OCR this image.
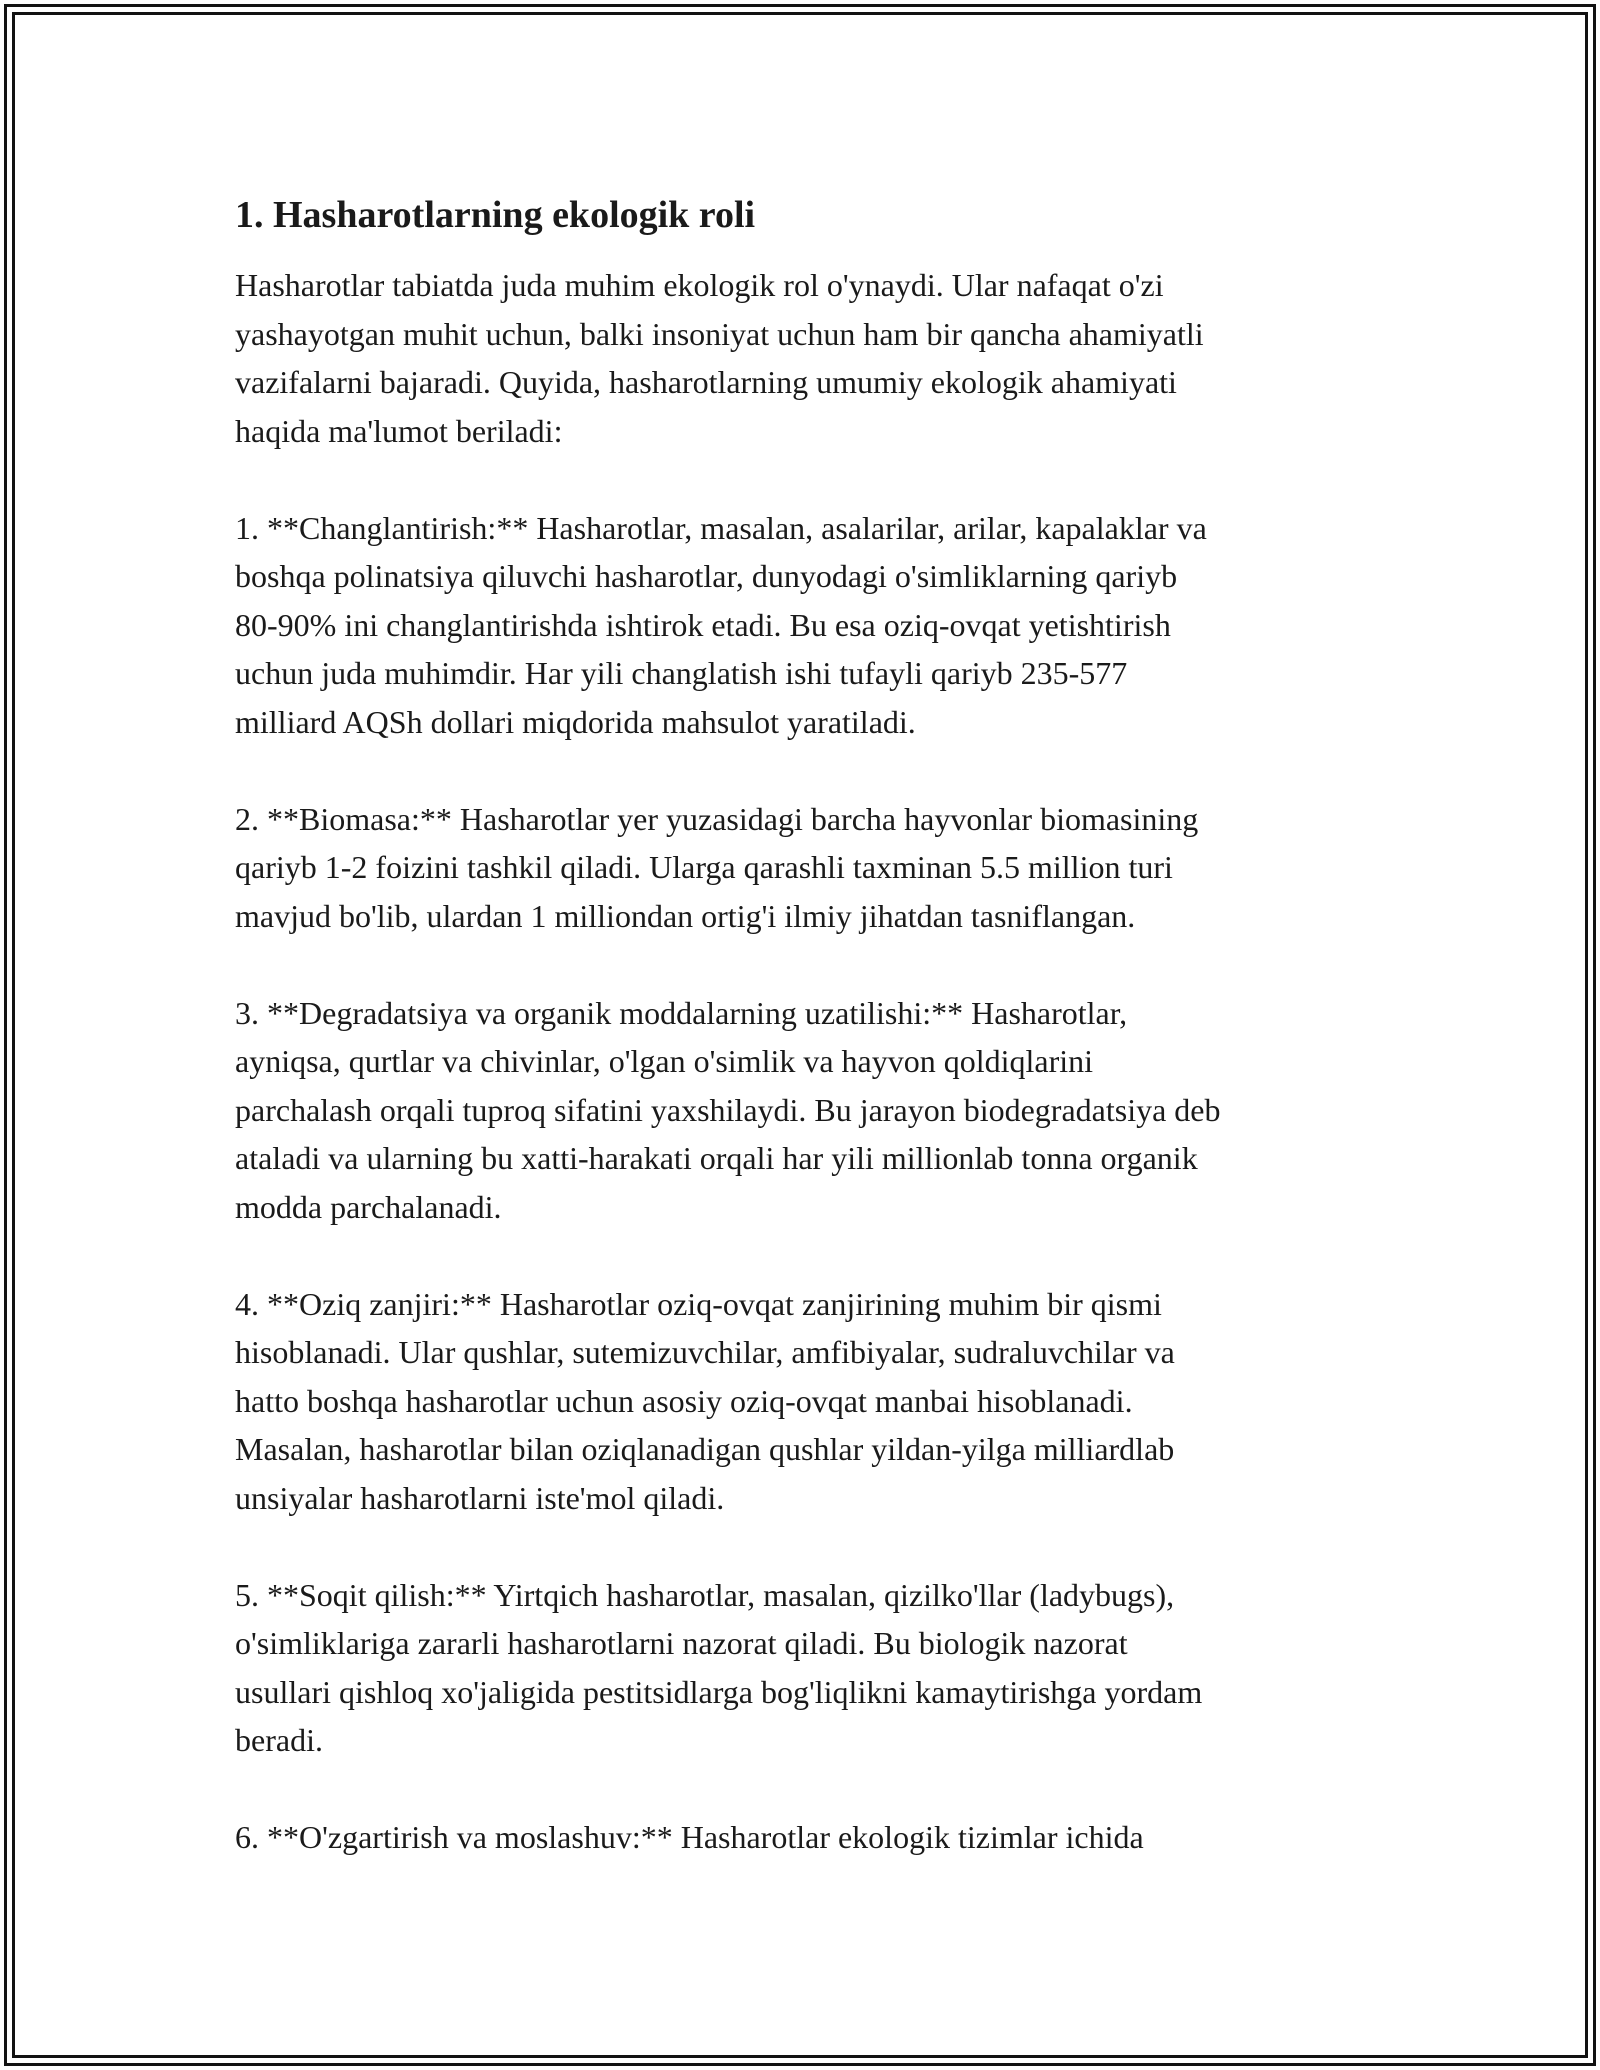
1. Hasharotlarning ekologik roli

Hasharotlar tabiatda juda muhim ekologik rol o'ynaydi. Ular nafaqat o'zi
yashayotgan muhit uchun, balki insoniyat uchun ham bir qancha ahamiyatli
vazifalarni bajaradi. Quyida, hasharotlarning umumiy ekologik ahamiyati
haqida ma'lumot beriladi:

1. **Changlantirish:** Hasharotlar, masalan, asalarilar, arilar, kapalaklar va
boshqa polinatsiya qiluvchi hasharotlar, dunyodagi o'simliklarning qariyb
80-90% ini changlantirishda ishtirok etadi. Bu esa oziq-ovqat yetishtirish
uchun juda muhimdir. Har yili changlatish ishi tufayli qariyb 235-577
milliard AQSh dollari miqdorida mahsulot yaratiladi.

2. **Biomasa:** Hasharotlar yer yuzasidagi barcha hayvonlar biomasining
qariyb 1-2 foizini tashkil qiladi. Ularga qarashli taxminan 5.5 million turi
mavjud bo'lib, ulardan 1 milliondan ortig'i ilmiy jihatdan tasniflangan.

3. **Degradatsiya va organik moddalarning uzatilishi:** Hasharotlar,
ayniqsa, qurtlar va chivinlar, o'lgan o'simlik va hayvon qoldiqlarini
parchalash orqali tuproq sifatini yaxshilaydi. Bu jarayon biodegradatsiya deb
ataladi va ularning bu xatti-harakati orqali har yili millionlab tonna organik
modda parchalanadi.

4. **Oziq zanjiri:** Hasharotlar oziq-ovqat zanjirining muhim bir qismi
hisoblanadi. Ular qushlar, sutemizuvchilar, amfibiyalar, sudraluvchilar va
hatto boshqa hasharotlar uchun asosiy oziq-ovqat manbai hisoblanadi.
Masalan, hasharotlar bilan oziqlanadigan qushlar yildan-yilga milliardlab
unsiyalar hasharotlarni iste'mol qiladi.

5. **Soqit qilish:** Yirtqich hasharotlar, masalan, qizilko'llar (ladybugs),
o'simliklariga zararli hasharotlarni nazorat qiladi. Bu biologik nazorat
usullari qishloq xo'jaligida pestitsidlarga bog'liqlikni kamaytirishga yordam
beradi.

6. **O'zgartirish va moslashuv:** Hasharotlar ekologik tizimlar ichida
